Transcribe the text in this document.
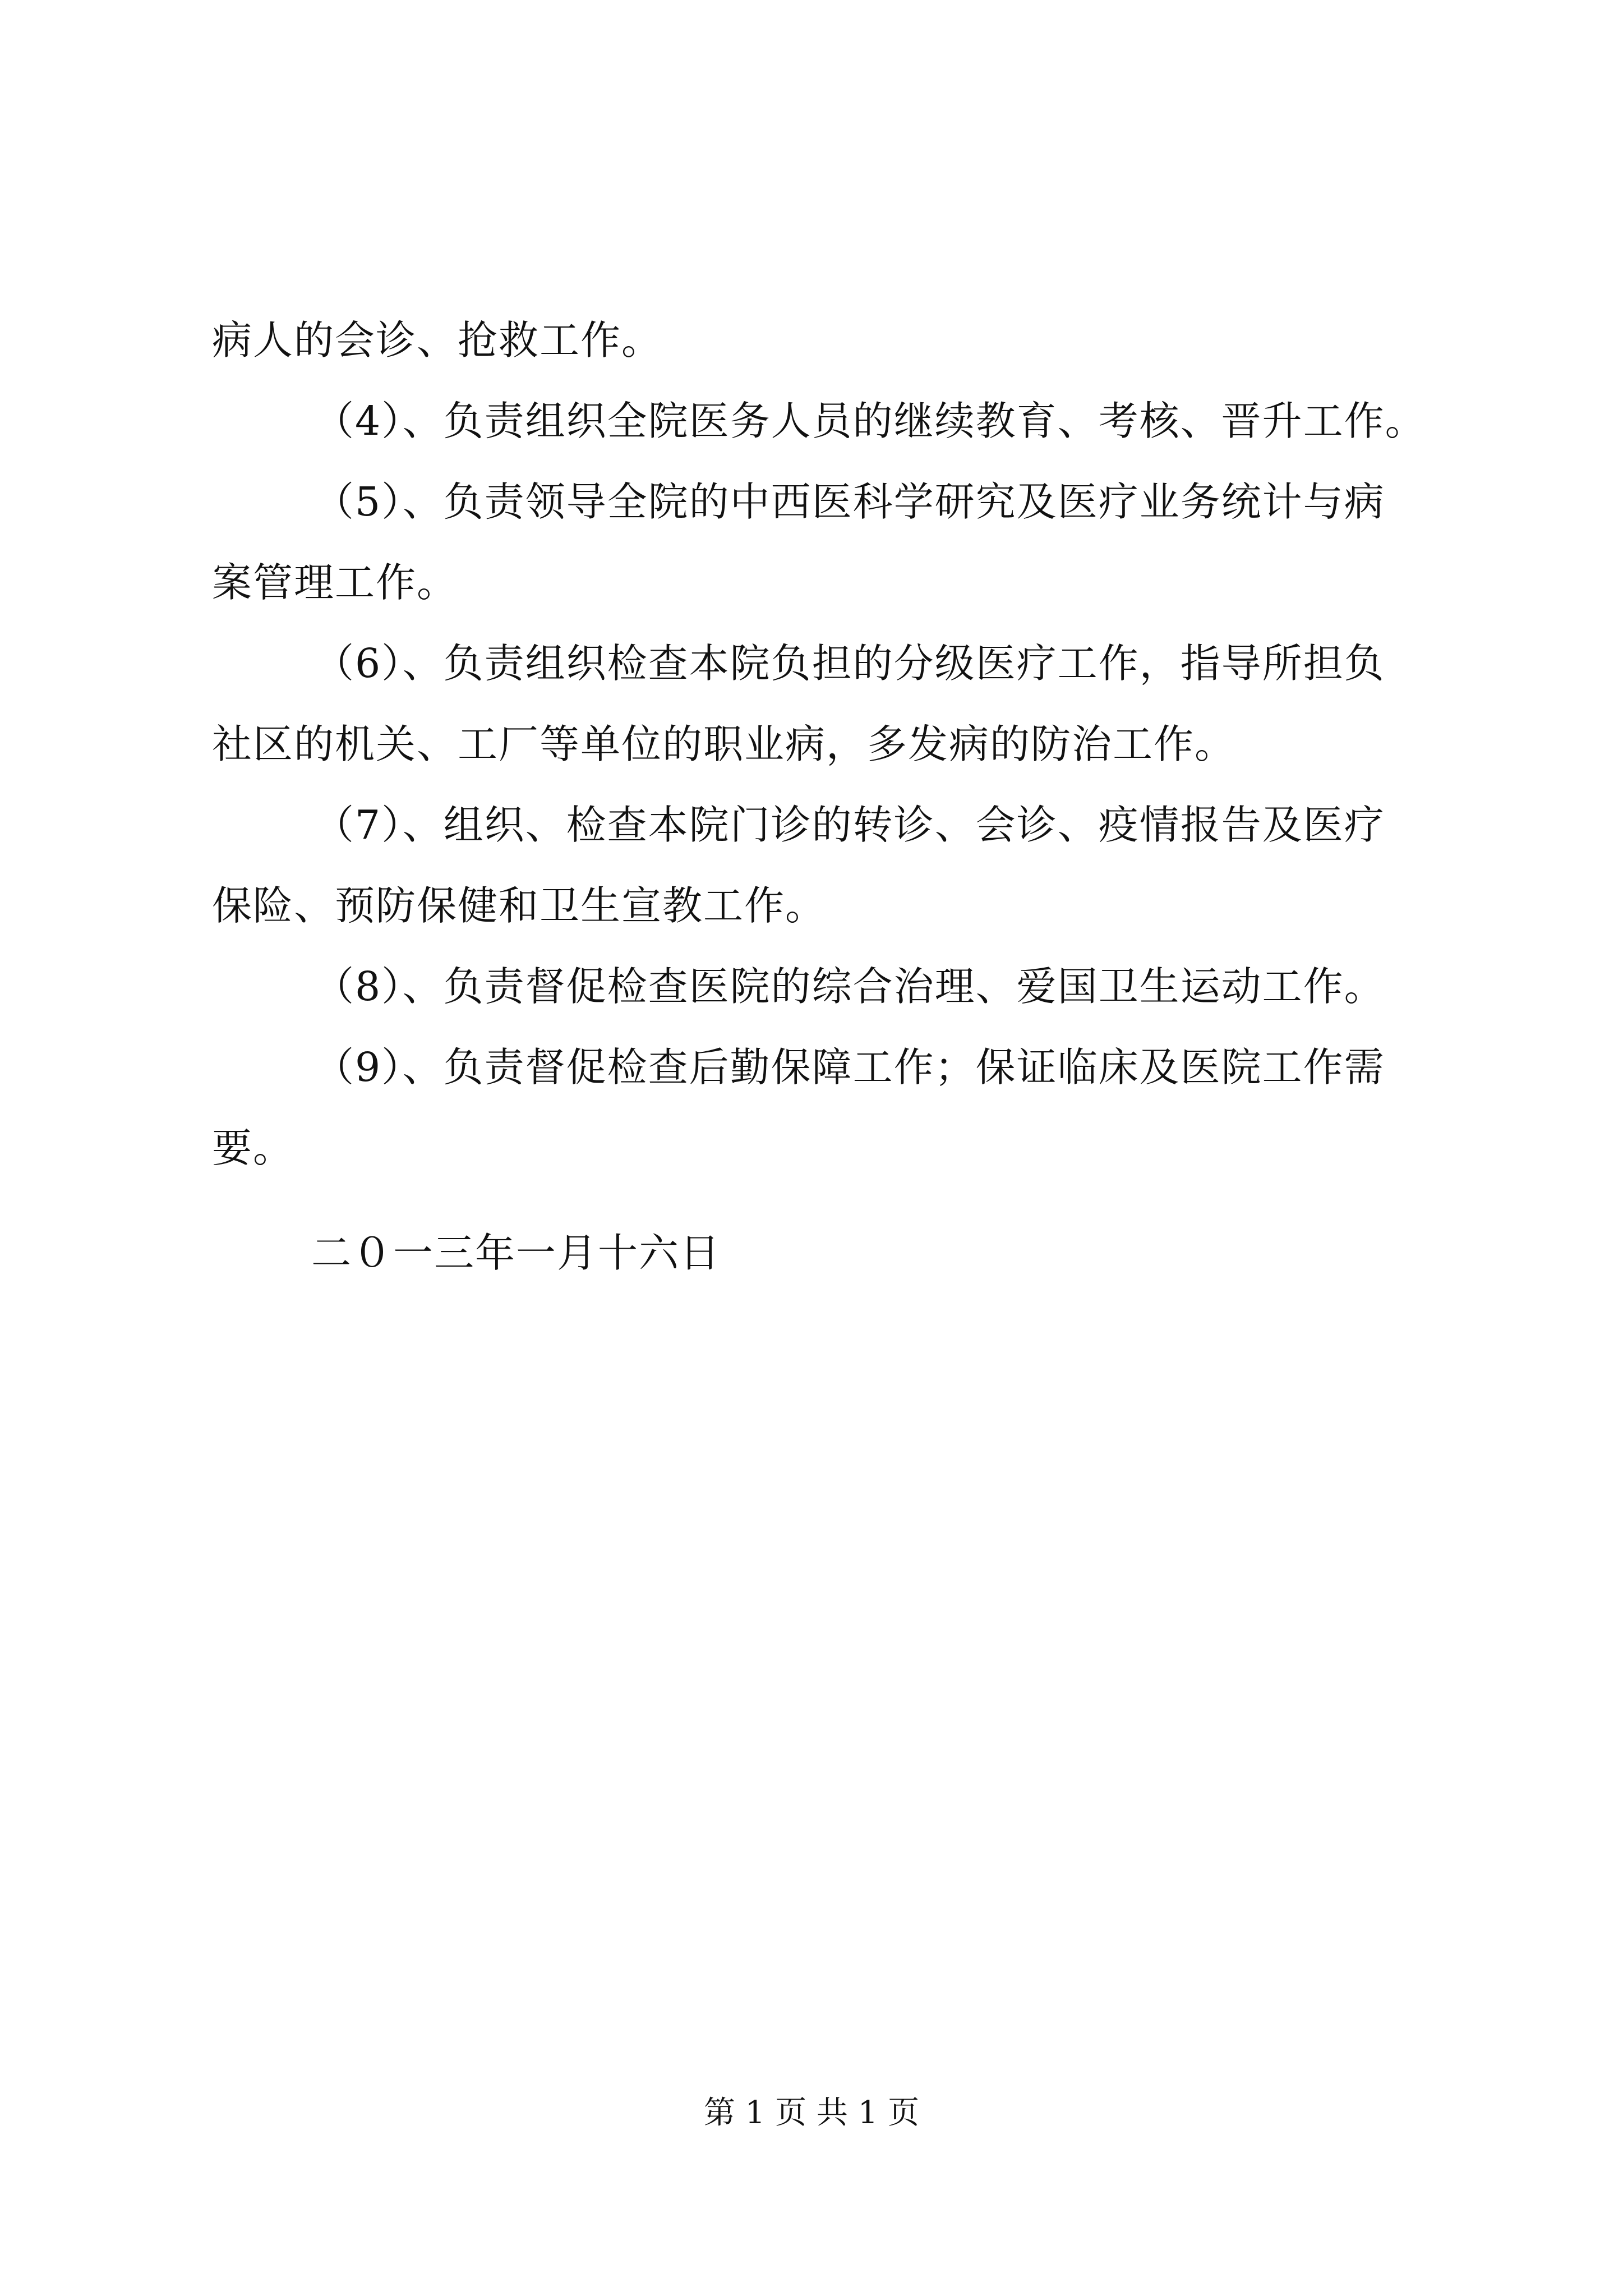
病人的会诊、抢救工作。
（4）、负责组织全院医务人员的继续教育、考核、晋升工作。
（5）、负责领导全院的中西医科学研究及医疗业务统计与病
案管理工作。
（6）、负责组织检查本院负担的分级医疗工作，指导所担负
社区的机关、工厂等单位的职业病，多发病的防治工作。
（7）、组织、检查本院门诊的转诊、会诊、疫情报告及医疗
保险、预防保健和卫生宣教工作。
（8）、负责督促检查医院的综合治理、爱国卫生运动工作。
（9）、负责督促检查后勤保障工作；保证临床及医院工作需
要。
二０一三年一月十六日
第 1 页 共 1 页
